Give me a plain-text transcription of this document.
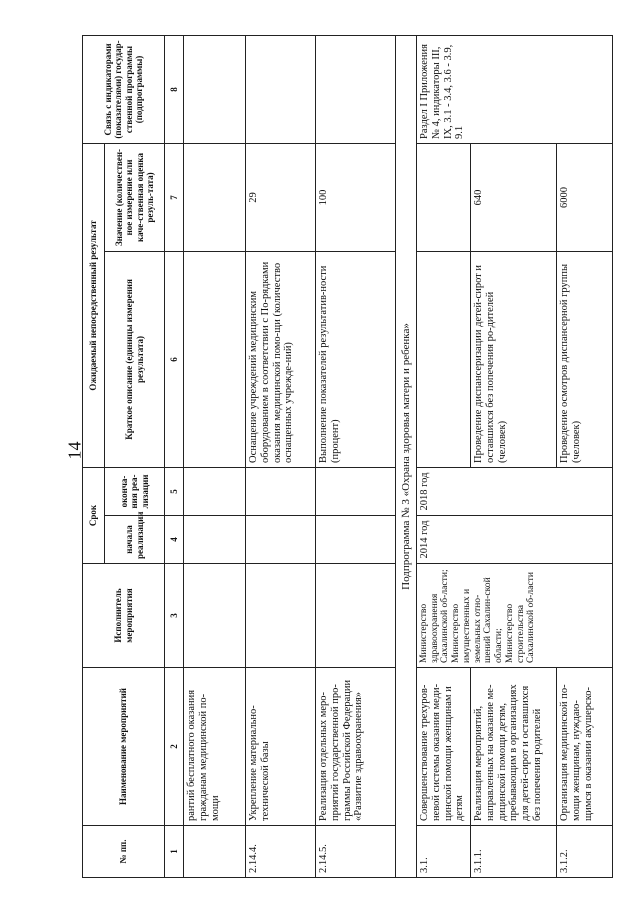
14
№ пп.	Наименование мероприятий	Исполнитель мероприятия	Срок		Ожидаемый непосредственный результат		Связь с индикаторами (показателями) государ-ственной программы (подпрограммы)
			начала реализации	оконча-ния реа-лизации	Краткое описание (единицы измерения результата)	Значение (количествен-ное измерение или каче-ственная оценка резуль-тата)	
1	2	3	4	5	6	7	8
	рантий бесплатного оказания гражданам медицинской по-мощи						
2.14.4.	Укрепление материально-технической базы				Оснащение учреждений медицинским оборудованием в соответствии с По-рядками оказания медицинской помо-щи (количество оснащенных учрежде-ний)	29	
2.14.5.	Реализация отдельных меро-приятий государственной про-граммы Российской Федерации «Развитие здравоохранения»				Выполнение показателей результатив-ности (процент)	100	
Подпрограмма № 3 «Охрана здоровья матери и ребенка»							
3.1.	Совершенствование трехуров-невой системы оказания меди-цинской помощи женщинам и детям	Министерство здравоохранения Сахалинской об-ласти; Министерство имущественных и земельных отно-шений Сахалин-ской области; Министерство строительства Сахалинской об-ласти	2014 год	2018 год			Раздел I Приложения № 4, индикаторы III, IX, 3.1 - 3.4, 3.6 - 3.9, 9.1
3.1.1.	Реализация мероприятий, направленных на оказание ме-дицинской помощи детям, пребывающим в организациях для детей-сирот и оставшихся без попечения родителей				Проведение диспансеризации детей-сирот и оставшихся без попечения ро-дителей (человек)	640	
3.1.2.	Организация медицинской по-мощи женщинам, нуждаю-щимся в оказании акушерско-				Проведение осмотров диспансерной группы (человек)	6000	
